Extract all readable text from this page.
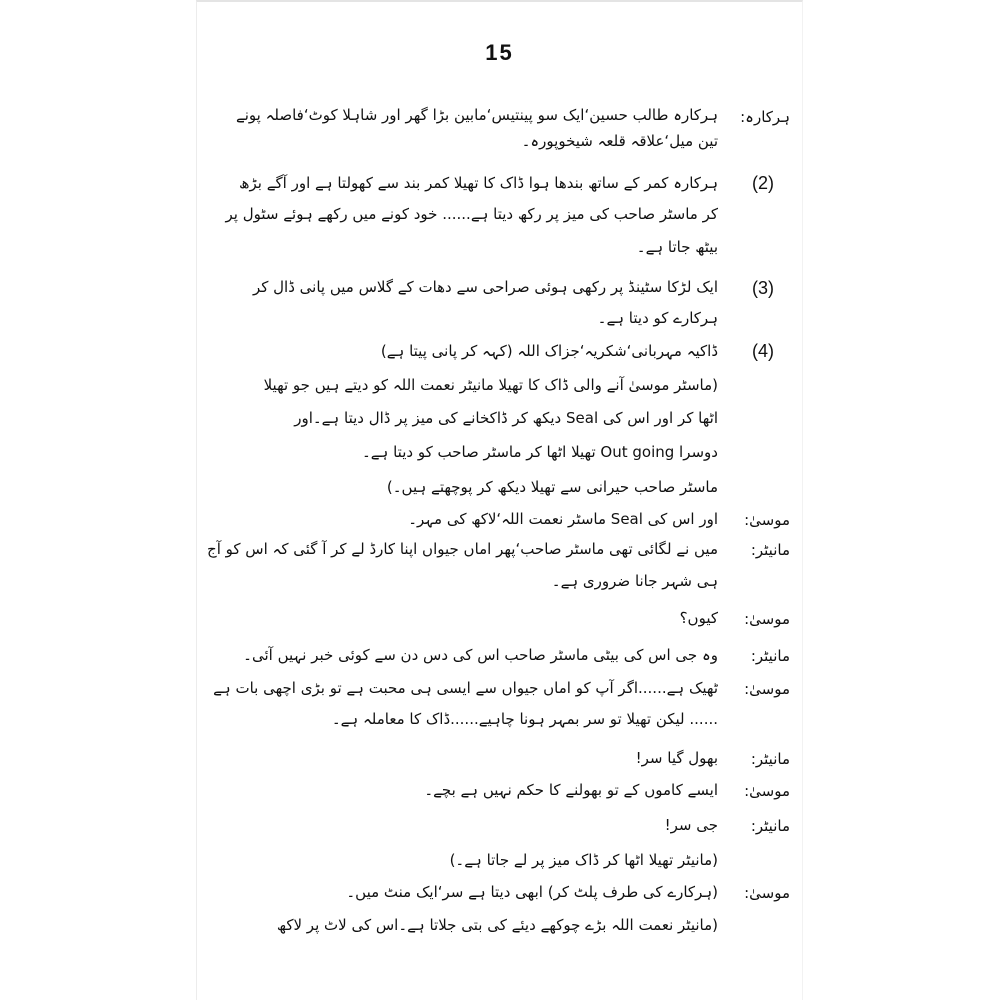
15
ہرکارہ:
ہرکارہ طالب حسین‘ایک سو پینتیس‘مابین بڑا گھر اور شاہلا کوٹ‘فاصلہ پونے
تین میل‘علاقہ قلعہ شیخوپورہ۔
(2)
ہرکارہ کمر کے ساتھ بندھا ہوا ڈاک کا تھیلا کمر بند سے کھولتا ہے اور آگے بڑھ
کر ماسٹر صاحب کی میز پر رکھ دیتا ہے...... خود کونے میں رکھے ہوئے سٹول پر
بیٹھ جاتا ہے۔
(3)
ایک لڑکا سٹینڈ پر رکھی ہوئی صراحی سے دھات کے گلاس میں پانی ڈال کر
ہرکارے کو دیتا ہے۔
(4)
ڈاکیہ مہربانی‘شکریہ‘جزاک اللہ (کہہ کر پانی پیتا ہے)
(ماسٹر موسیٰ آنے والی ڈاک کا تھیلا مانیٹر نعمت اللہ کو دیتے ہیں جو تھیلا
اٹھا کر اور اس کی Seal دیکھ کر ڈاکخانے کی میز پر ڈال دیتا ہے۔اور
دوسرا Out going تھیلا اٹھا کر ماسٹر صاحب کو دیتا ہے۔
ماسٹر صاحب حیرانی سے تھیلا دیکھ کر پوچھتے ہیں۔)
موسیٰ:
اور اس کی Seal ماسٹر نعمت اللہ‘لاکھ کی مہر۔
مانیٹر:
میں نے لگائی تھی ماسٹر صاحب‘پھر اماں جیواں اپنا کارڈ لے کر آ گئی کہ اس کو آج
ہی شہر جانا ضروری ہے۔
موسیٰ:
کیوں؟
مانیٹر:
وہ جی اس کی بیٹی ماسٹر صاحب اس کی دس دن سے کوئی خبر نہیں آئی۔
موسیٰ:
ٹھیک ہے......اگر آپ کو اماں جیواں سے ایسی ہی محبت ہے تو بڑی اچھی بات ہے
...... لیکن تھیلا تو سر بمہر ہونا چاہیے......ڈاک کا معاملہ ہے۔
مانیٹر:
بھول گیا سر!
موسیٰ:
ایسے کاموں کے تو بھولنے کا حکم نہیں ہے بچے۔
مانیٹر:
جی سر!
(مانیٹر تھیلا اٹھا کر ڈاک میز پر لے جاتا ہے۔)
موسیٰ:
(ہرکارے کی طرف پلٹ کر) ابھی دیتا ہے سر‘ایک منٹ میں۔
(مانیٹر نعمت اللہ بڑے چوکھے دیئے کی بتی جلاتا ہے۔اس کی لاٹ پر لاکھ
